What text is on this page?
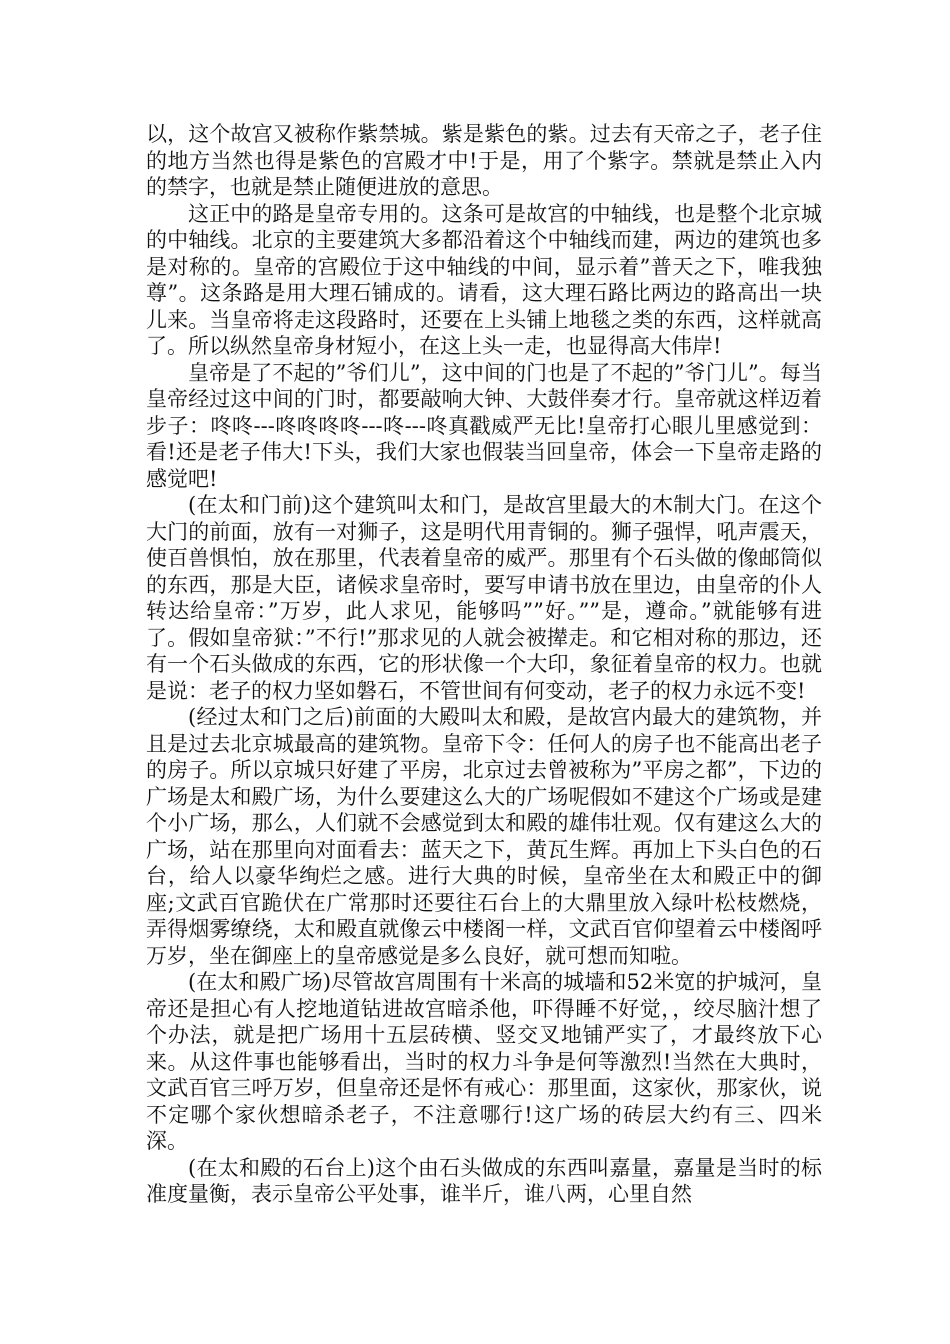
以，这个故宫又被称作紫禁城。紫是紫色的紫。过去有天帝之子，老子住的地方当然也得是紫色的宫殿才中!于是，用了个紫字。禁就是禁止入内的禁字，也就是禁止随便进放的意思。

这正中的路是皇帝专用的。这条可是故宫的中轴线，也是整个北京城的中轴线。北京的主要建筑大多都沿着这个中轴线而建，两边的建筑也多是对称的。皇帝的宫殿位于这中轴线的中间，显示着”普天之下，唯我独尊”。这条路是用大理石铺成的。请看，这大理石路比两边的路高出一块儿来。当皇帝将走这段路时，还要在上头铺上地毯之类的东西，这样就高了。所以纵然皇帝身材短小，在这上头一走，也显得高大伟岸!

皇帝是了不起的”爷们儿”，这中间的门也是了不起的”爷门儿”。每当皇帝经过这中间的门时，都要敲响大钟、大鼓伴奏才行。皇帝就这样迈着步子：咚咚---咚咚咚咚---咚---咚真戳威严无比!皇帝打心眼儿里感觉到：看!还是老子伟大!下头，我们大家也假装当回皇帝，体会一下皇帝走路的感觉吧!

(在太和门前)这个建筑叫太和门，是故宫里最大的木制大门。在这个大门的前面，放有一对狮子，这是明代用青铜的。狮子强悍，吼声震天，使百兽惧怕，放在那里，代表着皇帝的威严。那里有个石头做的像邮筒似的东西，那是大臣，诸候求皇帝时，要写申请书放在里边，由皇帝的仆人转达给皇帝：”万岁，此人求见，能够吗””好。””是，遵命。”就能够有进了。假如皇帝狱：”不行!”那求见的人就会被撵走。和它相对称的那边，还有一个石头做成的东西，它的形状像一个大印，象征着皇帝的权力。也就是说：老子的权力坚如磐石，不管世间有何变动，老子的权力永远不变!

(经过太和门之后)前面的大殿叫太和殿，是故宫内最大的建筑物，并且是过去北京城最高的建筑物。皇帝下令：任何人的房子也不能高出老子的房子。所以京城只好建了平房，北京过去曾被称为”平房之都”，下边的广场是太和殿广场，为什么要建这么大的广场呢假如不建这个广场或是建个小广场，那么，人们就不会感觉到太和殿的雄伟壮观。仅有建这么大的广场，站在那里向对面看去：蓝天之下，黄瓦生辉。再加上下头白色的石台，给人以豪华绚烂之感。进行大典的时候，皇帝坐在太和殿正中的御座;文武百官跪伏在广常那时还要往石台上的大鼎里放入绿叶松枝燃烧，弄得烟雾缭绕，太和殿直就像云中楼阁一样，文武百官仰望着云中楼阁呼万岁，坐在御座上的皇帝感觉是多么良好，就可想而知啦。

(在太和殿广场)尽管故宫周围有十米高的城墙和52米宽的护城河，皇帝还是担心有人挖地道钻进故宫暗杀他，吓得睡不好觉，，绞尽脑汁想了个办法，就是把广场用十五层砖横、竖交叉地铺严实了，才最终放下心来。从这件事也能够看出，当时的权力斗争是何等激烈!当然在大典时，文武百官三呼万岁，但皇帝还是怀有戒心：那里面，这家伙，那家伙，说不定哪个家伙想暗杀老子，不注意哪行!这广场的砖层大约有三、四米深。

(在太和殿的石台上)这个由石头做成的东西叫嘉量，嘉量是当时的标准度量衡，表示皇帝公平处事，谁半斤，谁八两，心里自然
